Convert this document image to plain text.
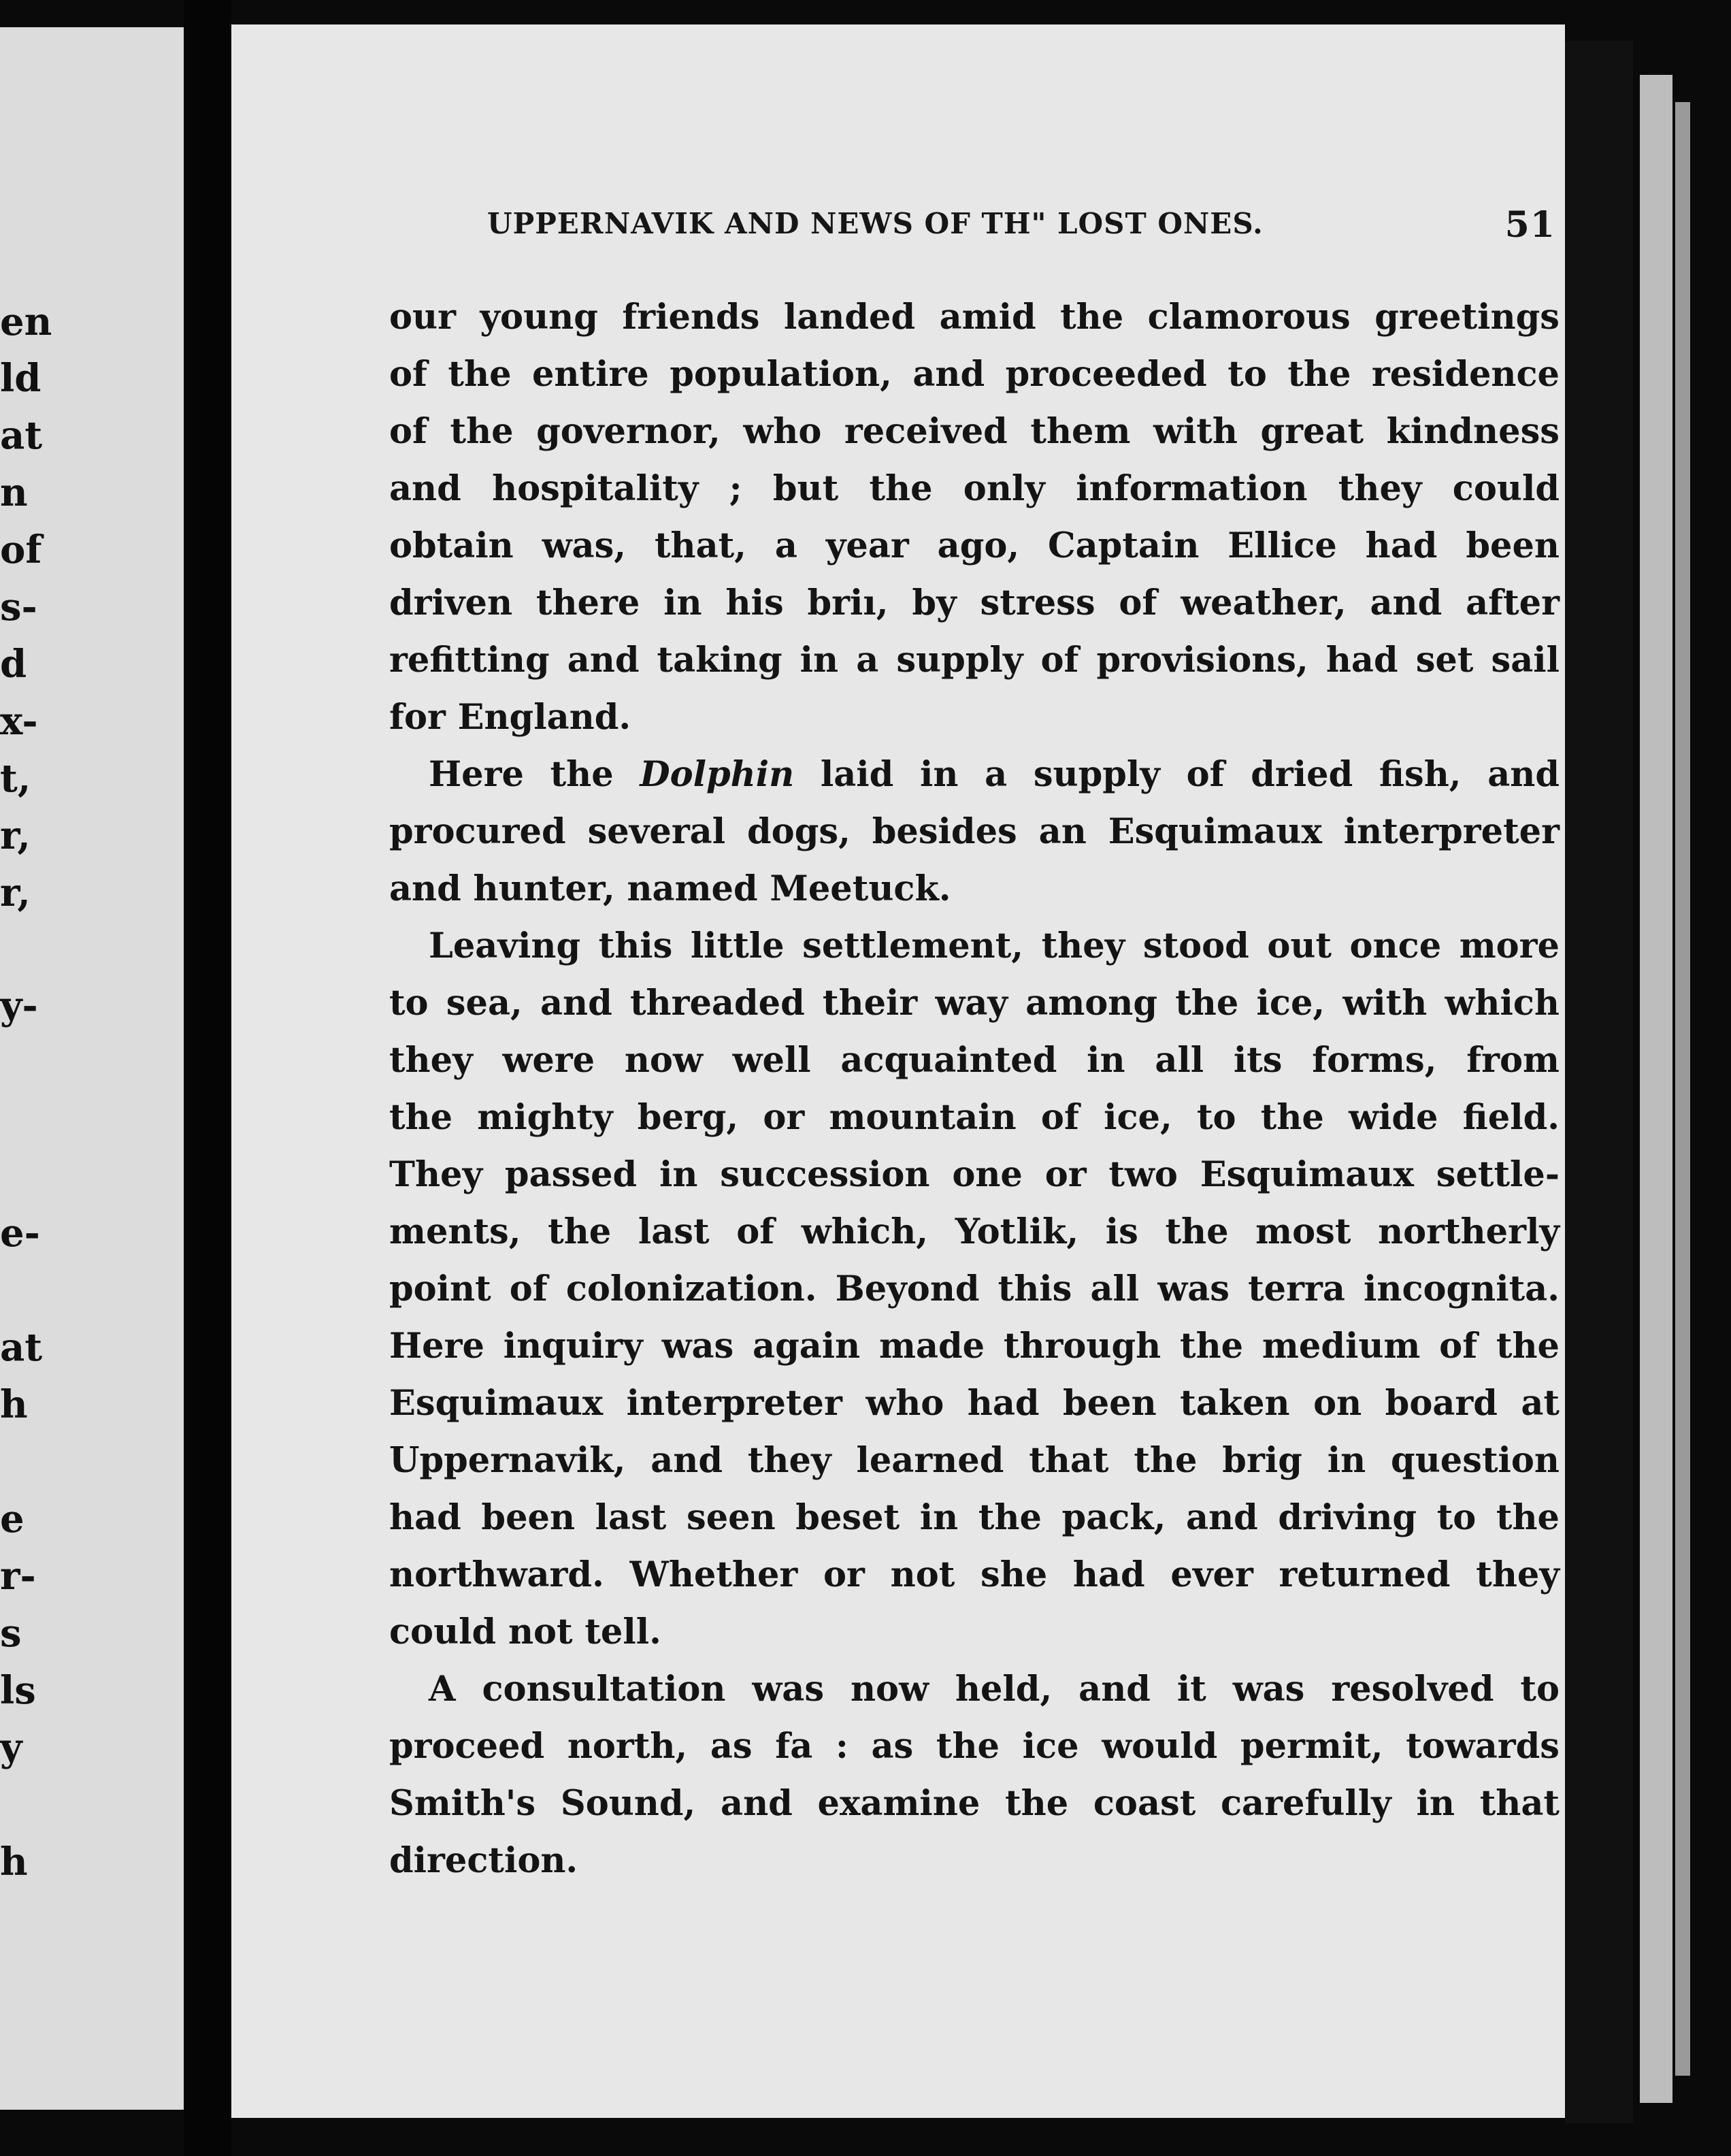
en
ld
at
n
of
s-
d
x-
t,
r,
r,
y-
e-
at
h
e
r-
s
ls
y
h
UPPERNAVIK AND NEWS OF TH" LOST ONES.	51
our young friends landed amid the clamorous greetings
of the entire population, and proceeded to the residence
of the governor, who received them with great kindness
and hospitality ; but the only information they could
obtain was, that, a year ago, Captain Ellice had been
driven there in his briı, by stress of weather, and after
refitting and taking in a supply of provisions, had set sail
for England.
Here the Dolphin laid in a supply of dried fish, and
procured several dogs, besides an Esquimaux interpreter
and hunter, named Meetuck.
Leaving this little settlement, they stood out once more
to sea, and threaded their way among the ice, with which
they were now well acquainted in all its forms, from
the mighty berg, or mountain of ice, to the wide field.
They passed in succession one or two Esquimaux settle-
ments, the last of which, Yotlik, is the most northerly
point of colonization. Beyond this all was terra incognita.
Here inquiry was again made through the medium of the
Esquimaux interpreter who had been taken on board at
Uppernavik, and they learned that the brig in question
had been last seen beset in the pack, and driving to the
northward. Whether or not she had ever returned they
could not tell.
A consultation was now held, and it was resolved to
proceed north, as fa : as the ice would permit, towards
Smith's Sound, and examine the coast carefully in that
direction.
